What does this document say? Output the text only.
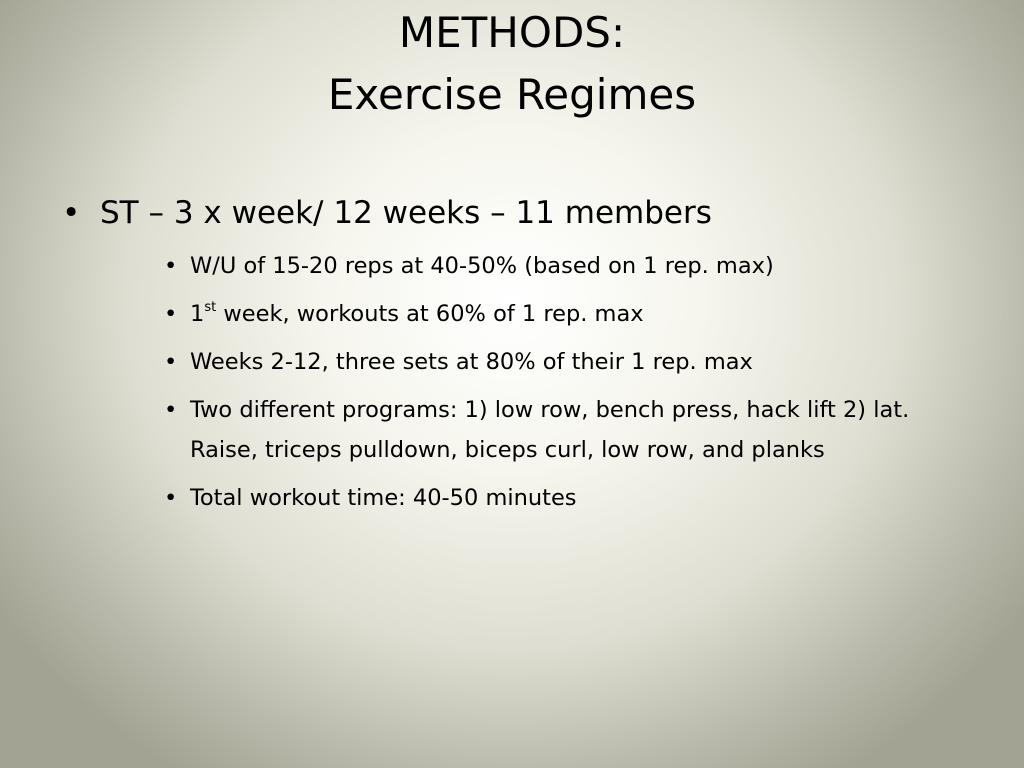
METHODS:
Exercise Regimes
• ST – 3 x week/ 12 weeks – 11 members
• W/U of 15-20 reps at 40-50% (based on 1 rep. max)
• 1st week, workouts at 60% of 1 rep. max
• Weeks 2-12, three sets at 80% of their 1 rep. max
• Two different programs: 1) low row, bench press, hack lift 2) lat. Raise, triceps pulldown, biceps curl, low row, and planks
• Total workout time: 40-50 minutes
